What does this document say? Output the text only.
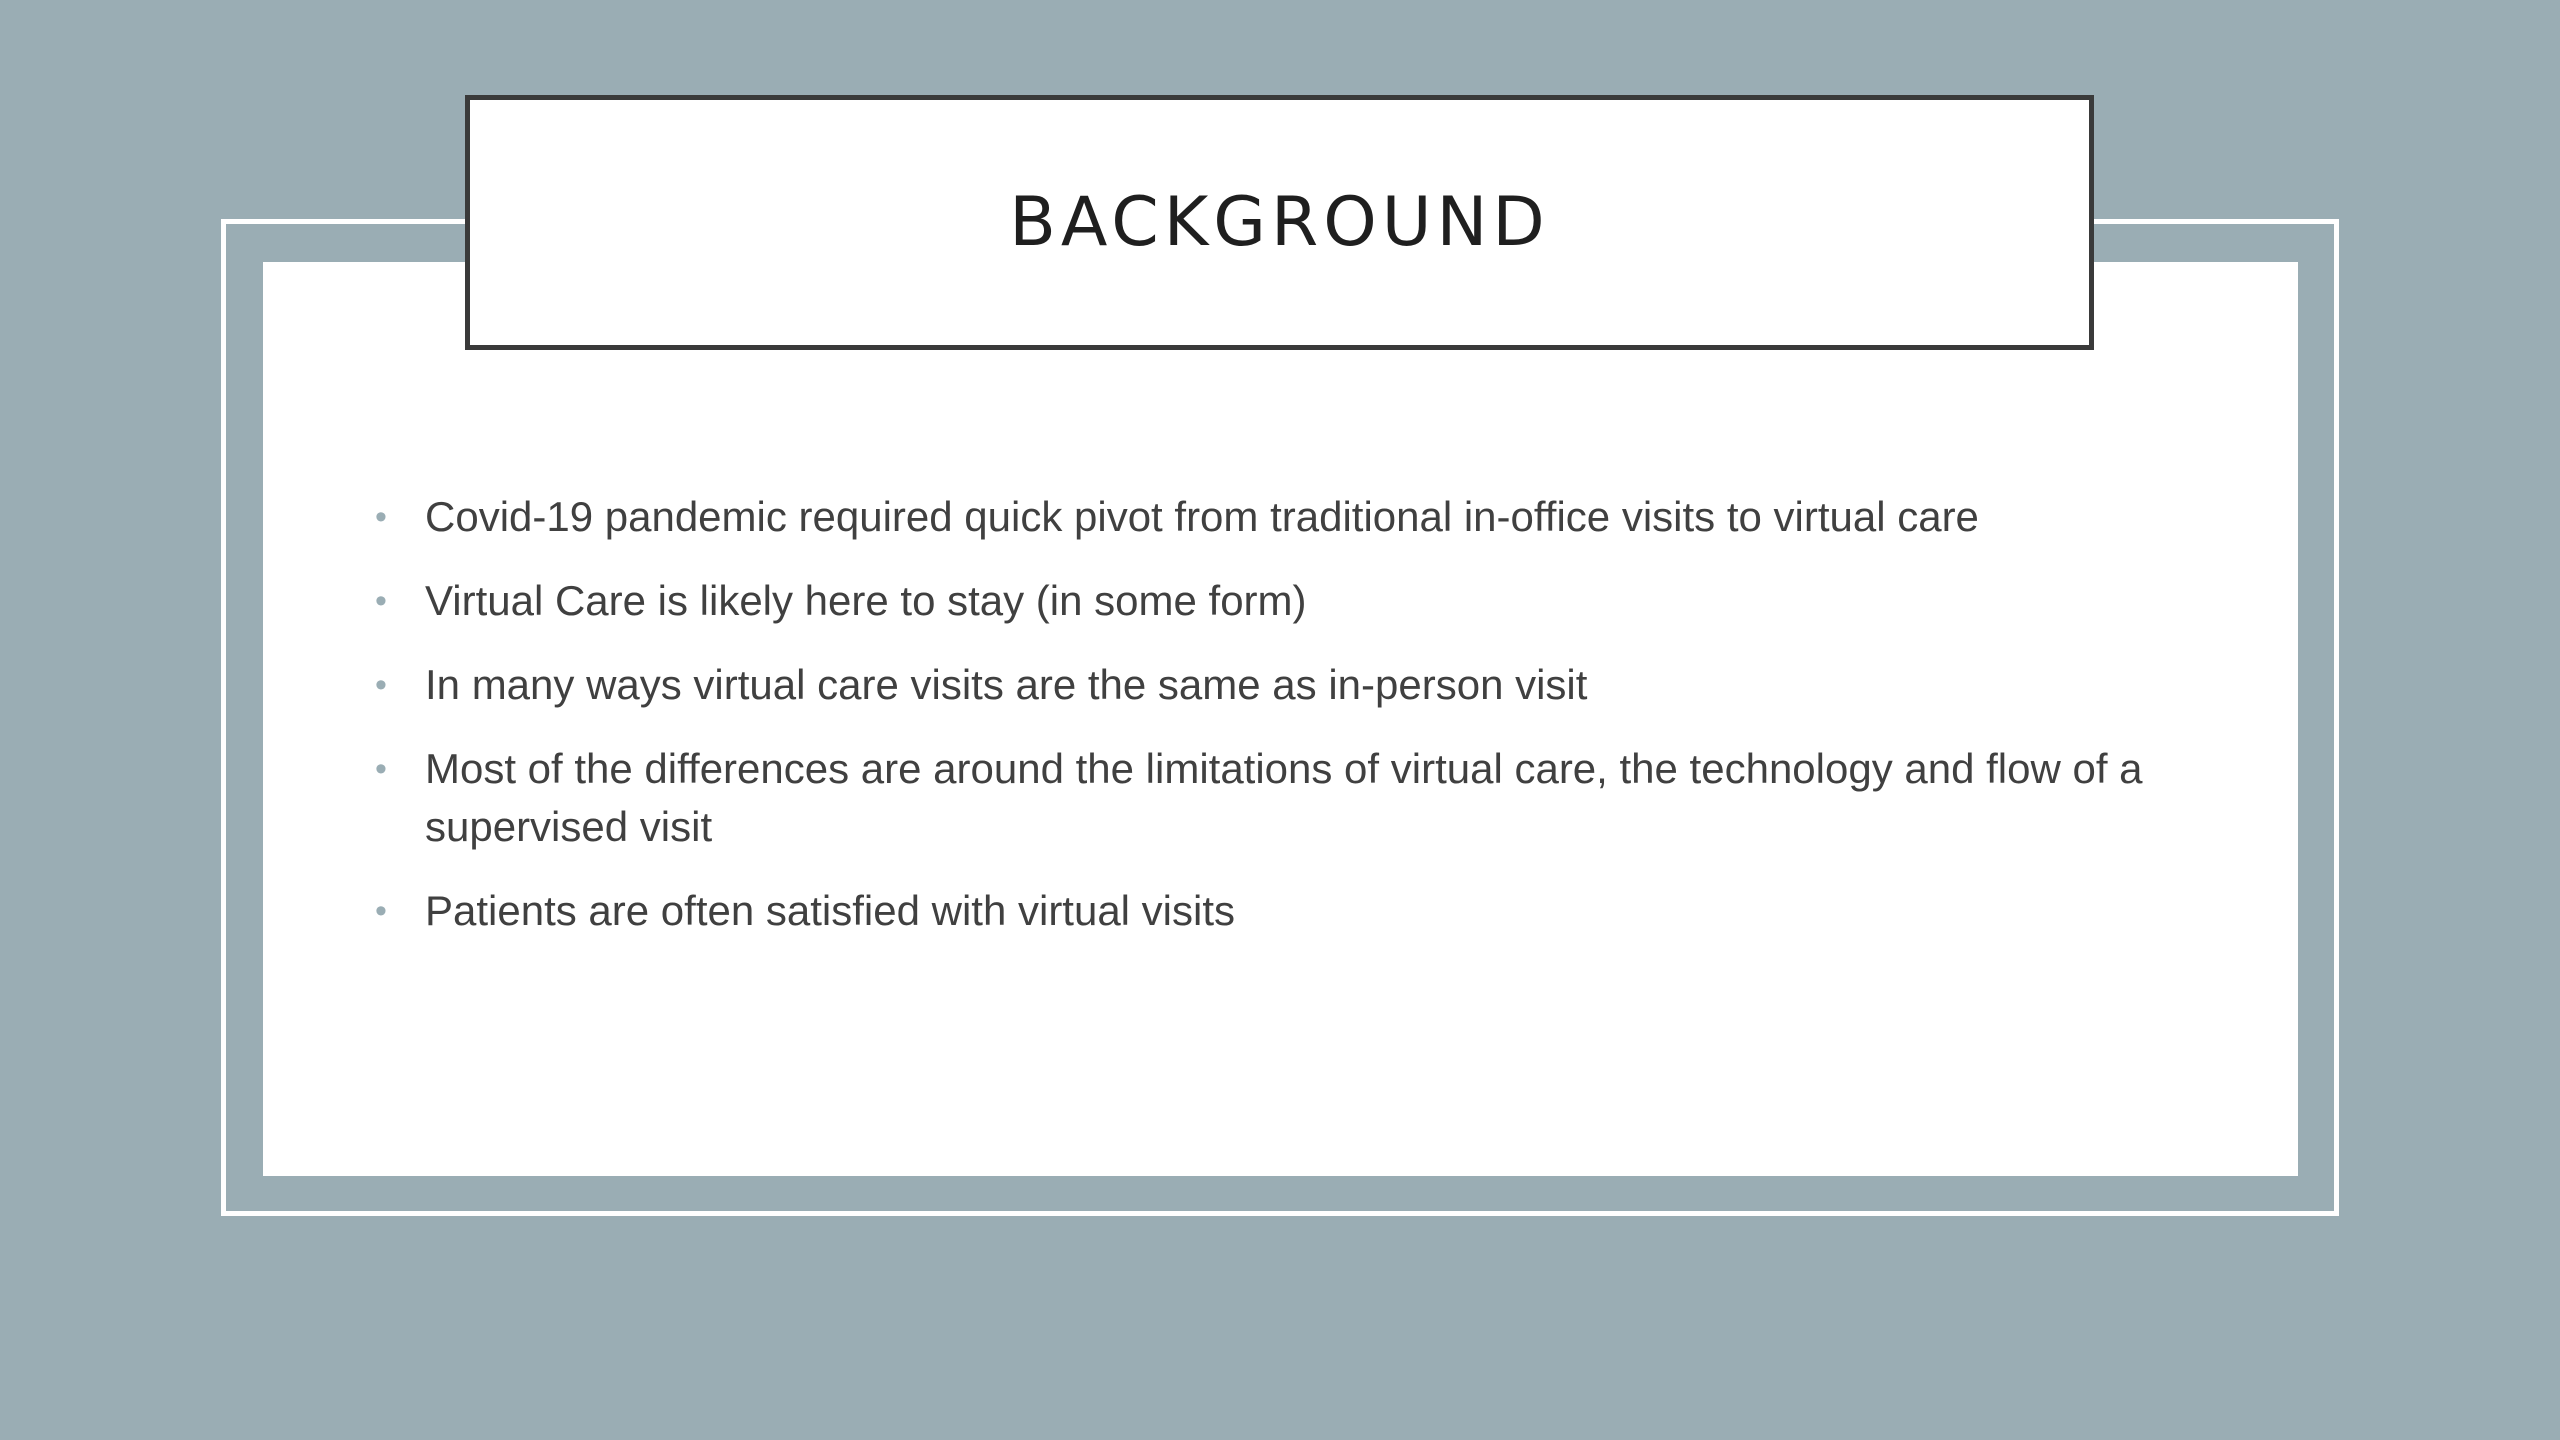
BACKGROUND
• Covid-19 pandemic required quick pivot from traditional in-office visits to virtual care
• Virtual Care is likely here to stay (in some form)
• In many ways virtual care visits are the same as in-person visit
• Most of the differences are around the limitations of virtual care, the technology and flow of a supervised visit
• Patients are often satisfied with virtual visits
